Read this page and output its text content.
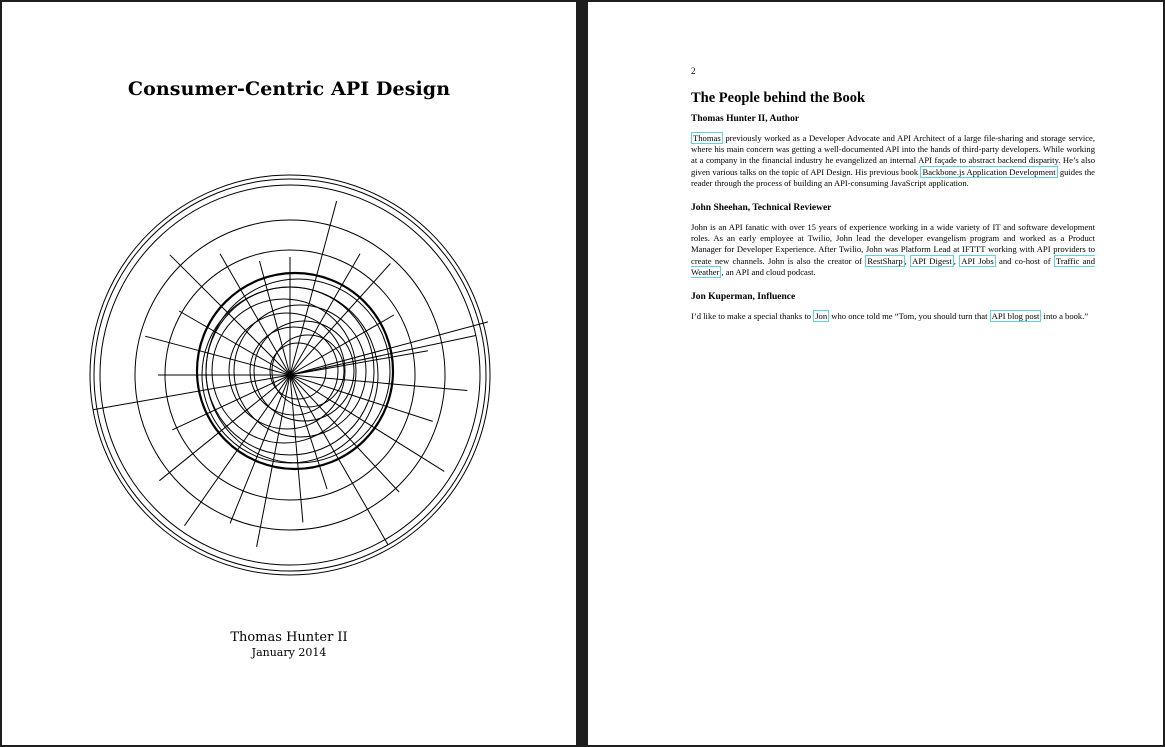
Consumer-Centric API Design
Thomas Hunter II
January 2014
2
The People behind the Book
Thomas Hunter II, Author
Thomas previously worked as a Developer Advocate and API Architect of a large file-sharing and storage service, where his main concern was getting a well-documented API into the hands of third-party developers. While working at a company in the financial industry he evangelized an internal API façade to abstract backend disparity. He’s also given various talks on the topic of API Design. His previous book Backbone.js Application Development guides the reader through the process of building an API-consuming JavaScript application.
John Sheehan, Technical Reviewer
John is an API fanatic with over 15 years of experience working in a wide variety of IT and software development roles. As an early employee at Twilio, John lead the developer evangelism program and worked as a Product Manager for Developer Experience. After Twilio, John was Platform Lead at IFTTT working with API providers to create new channels. John is also the creator of RestSharp , API Digest , API Jobs and co-host of Traffic and Weather , an API and cloud podcast.
Jon Kuperman, Influence
I’d like to make a special thanks to Jon who once told me “Tom, you should turn that API blog post into a book.”
